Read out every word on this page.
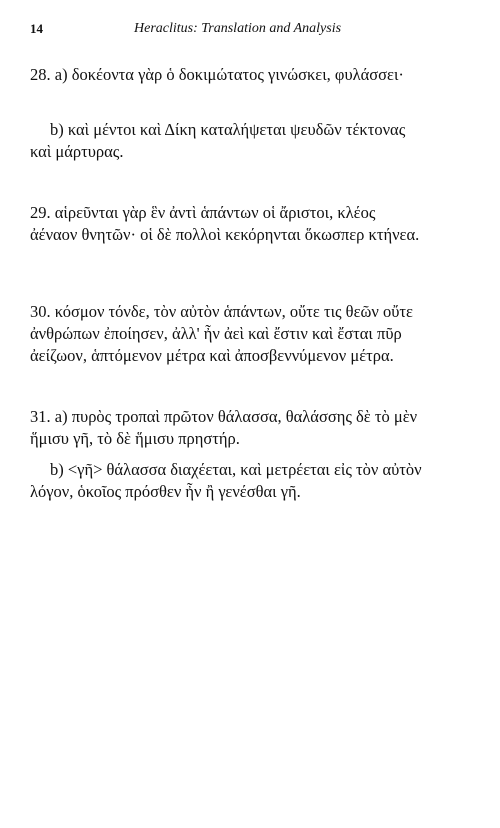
14	Heraclitus: Translation and Analysis
28. a) δοκέοντα γὰρ ὁ δοκιμώτατος γινώσκει, φυλάσσει·
b) καὶ μέντοι καὶ Δίκη καταλήψεται ψευδῶν τέκτονας
καὶ μάρτυρας.
29. αἱρεῦνται γὰρ ἓν ἀντὶ ἁπάντων οἱ ἄριστοι, κλέος
ἀέναον θνητῶν· οἱ δὲ πολλοὶ κεκόρηνται ὅκωσπερ κτήνεα.
30. κόσμον τόνδε, τὸν αὐτὸν ἁπάντων, οὔτε τις θεῶν οὔτε
ἀνθρώπων ἐποίησεν, ἀλλ' ἦν ἀεὶ καὶ ἔστιν καὶ ἔσται πῦρ
ἀείζωον, ἁπτόμενον μέτρα καὶ ἀποσβεννύμενον μέτρα.
31. a) πυρὸς τροπαὶ πρῶτον θάλασσα, θαλάσσης δὲ τὸ μὲν
ἥμισυ γῆ, τὸ δὲ ἥμισυ πρηστήρ.
b) <γῆ> θάλασσα διαχέεται, καὶ μετρέεται εἰς τὸν αὐτὸν
λόγον, ὁκοῖος πρόσθεν ἦν ἢ γενέσθαι γῆ.
